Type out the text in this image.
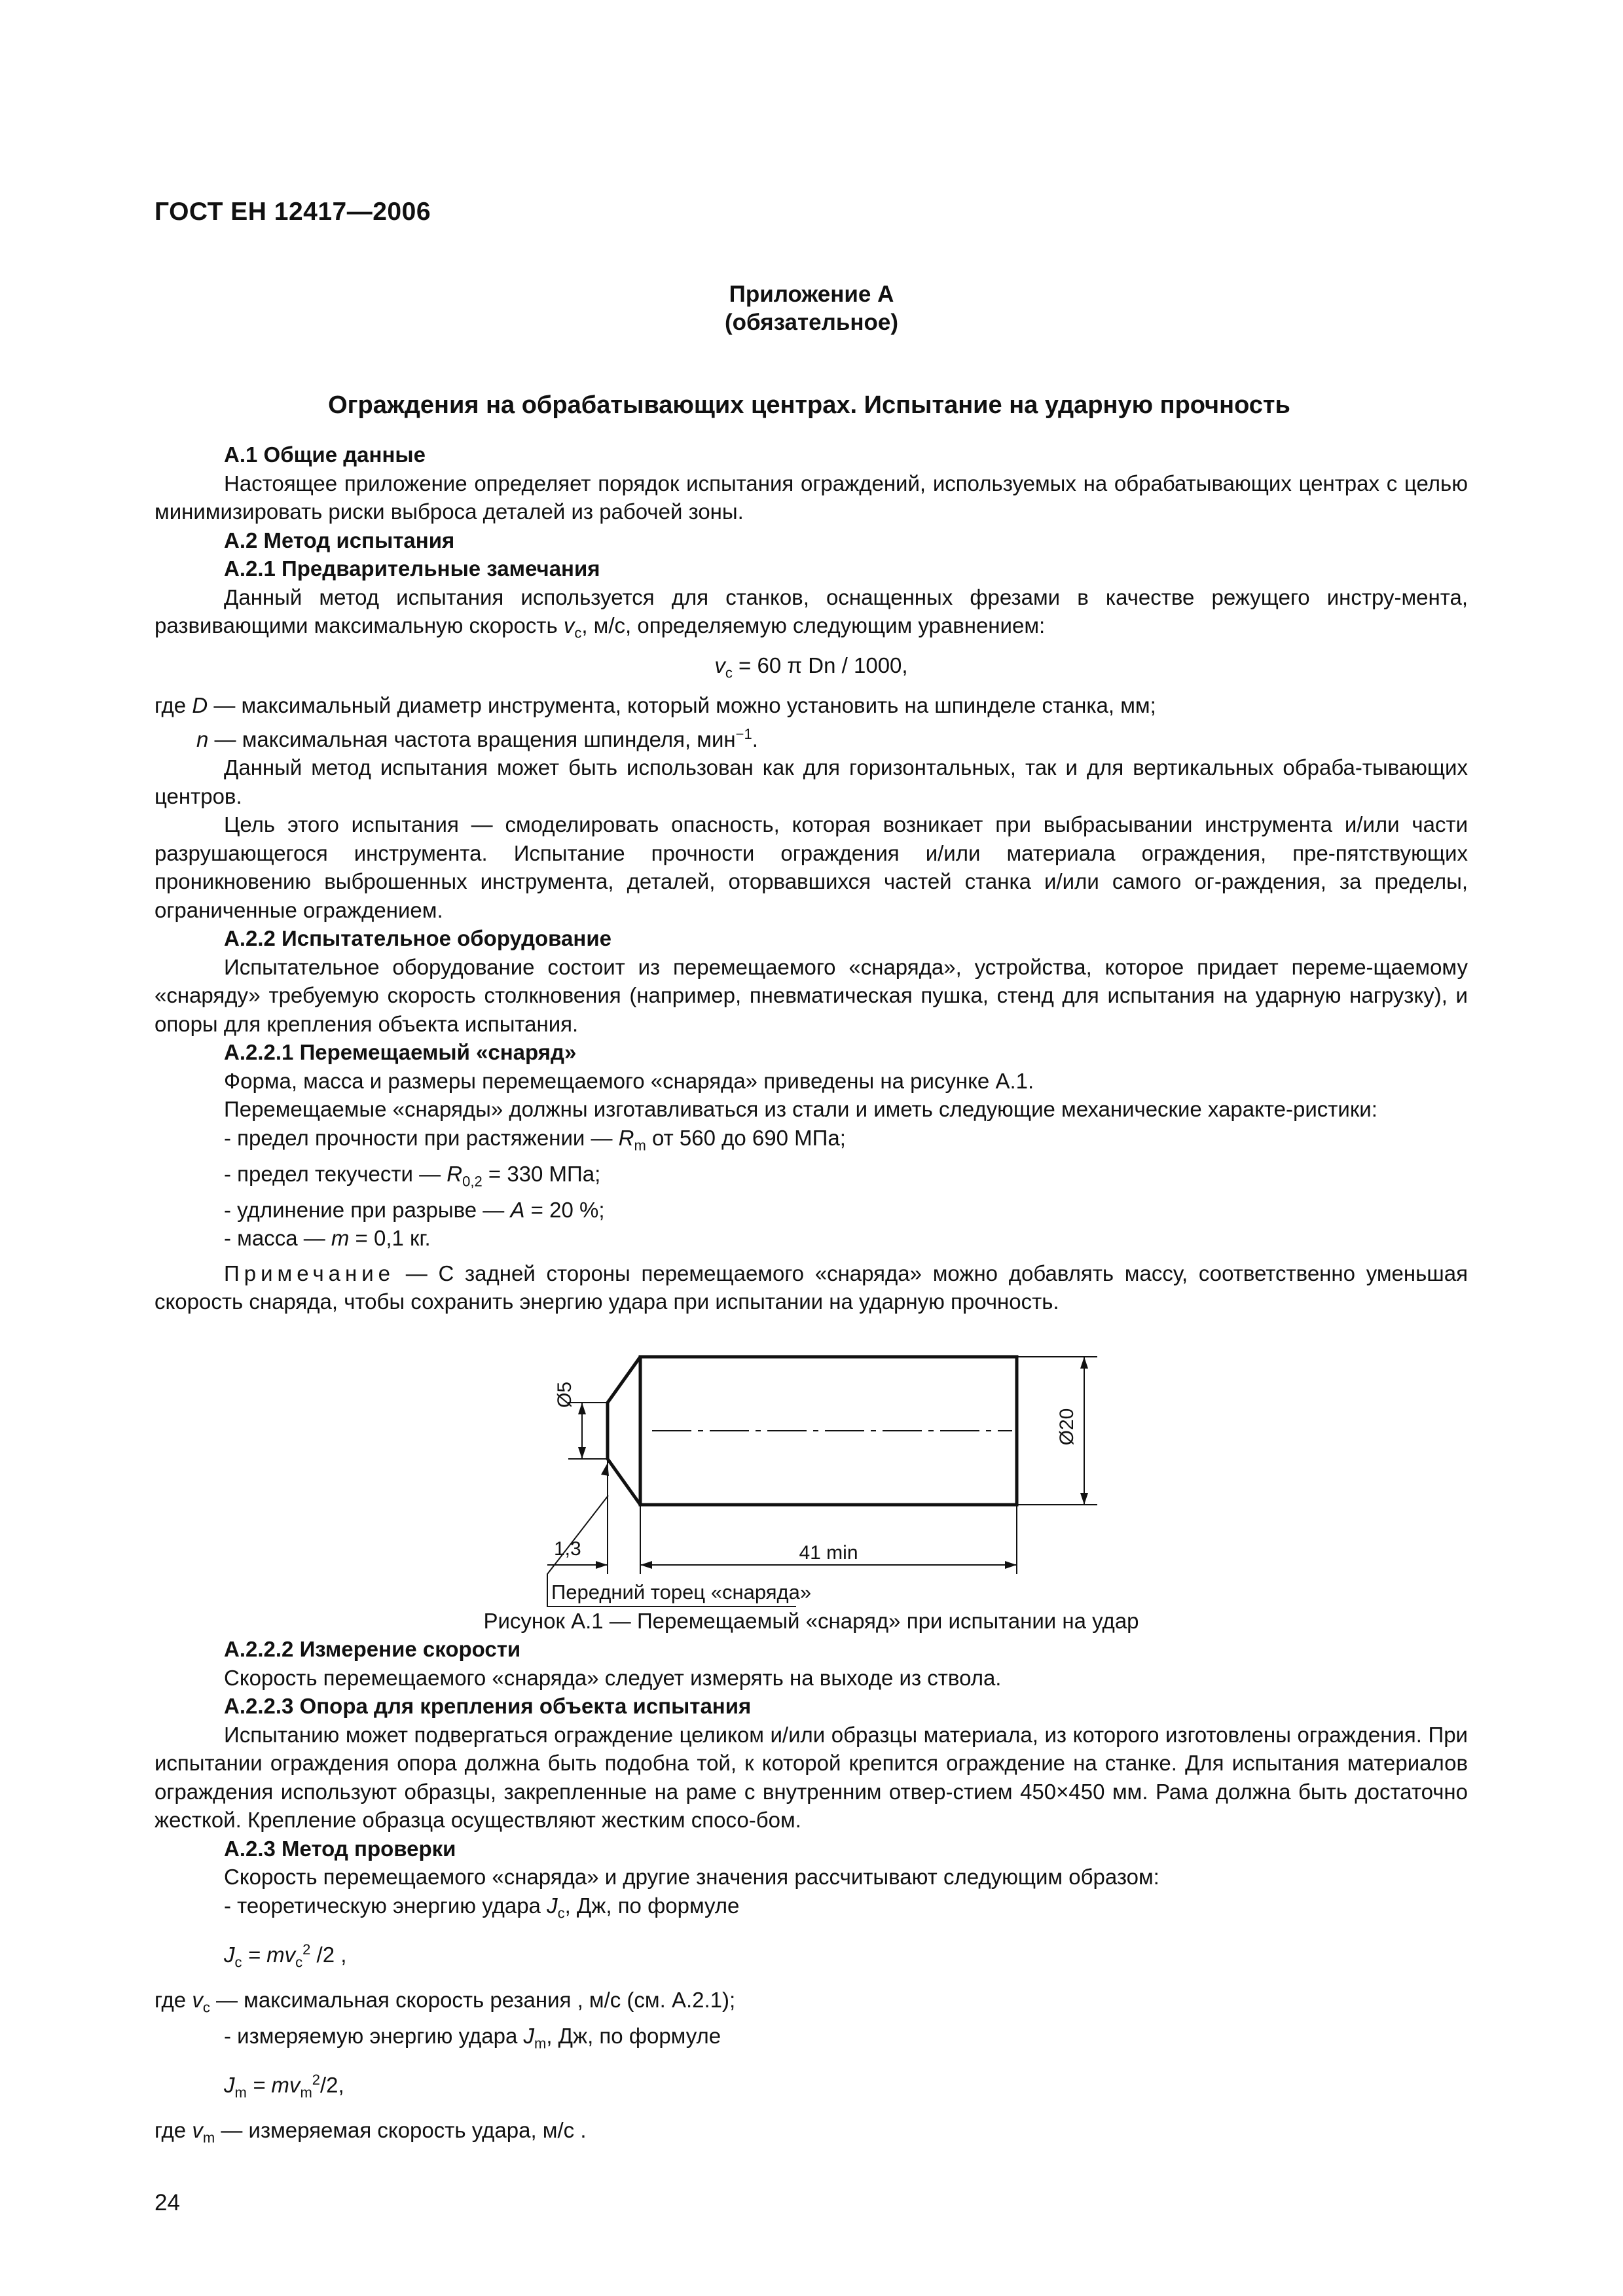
ГОСТ ЕН 12417—2006
Приложение А
(обязательное)
Ограждения на обрабатывающих центрах. Испытание на ударную прочность

А.1 Общие данные

Настоящее приложение определяет порядок испытания ограждений, используемых на обрабатывающих центрах с целью минимизировать риски выброса деталей из рабочей зоны.

А.2 Метод испытания

А.2.1 Предварительные замечания

Данный метод испытания используется для станков, оснащенных фрезами в качестве режущего инстру-мента, развивающими максимальную скорость $v_c$, м/с, определяемую следующим уравнением:

$v_c = 60$ π Dn / 1000,

где D — максимальный диаметр инструмента, который можно установить на шпинделе станка, мм;

n — максимальная частота вращения шпинделя, мин$^{-1}$.

Данный метод испытания может быть использован как для горизонтальных, так и для вертикальных обраба-тывающих центров.

Цель этого испытания — смоделировать опасность, которая возникает при выбрасывании инструмента и/или части разрушающегося инструмента. Испытание прочности ограждения и/или материала ограждения, пре-пятствующих проникновению выброшенных инструмента, деталей, оторвавшихся частей станка и/или самого ог-раждения, за пределы, ограниченные ограждением.

А.2.2 Испытательное оборудование

Испытательное оборудование состоит из перемещаемого «снаряда», устройства, которое придает переме-щаемому «снаряду» требуемую скорость столкновения (например, пневматическая пушка, стенд для испытания на ударную нагрузку), и опоры для крепления объекта испытания.

А.2.2.1 Перемещаемый «снаряд»

Форма, масса и размеры перемещаемого «снаряда» приведены на рисунке А.1.

Перемещаемые «снаряды» должны изготавливаться из стали и иметь следующие механические характе-ристики:

- предел прочности при растяжении — $R_m$ от 560 до 690 МПа;

- предел текучести — $R_{0,2} = 330$ МПа;

- удлинение при разрыве — A = 20 %;

- масса — m = 0,1 кг.

Примечание — С задней стороны перемещаемого «снаряда» можно добавлять массу, соответственно уменьшая скорость снаряда, чтобы сохранить энергию удара при испытании на ударную прочность.

Ø5
Ø20
1,3	41 min
Передний торец «снаряда»

Рисунок А.1 — Перемещаемый «снаряд» при испытании на удар

А.2.2.2 Измерение скорости

Скорость перемещаемого «снаряда» следует измерять на выходе из ствола.

А.2.2.3 Опора для крепления объекта испытания

Испытанию может подвергаться ограждение целиком и/или образцы материала, из которого изготовлены ограждения. При испытании ограждения опора должна быть подобна той, к которой крепится ограждение на станке. Для испытания материалов ограждения используют образцы, закрепленные на раме с внутренним отвер-стием 450×450 мм. Рама должна быть достаточно жесткой. Крепление образца осуществляют жестким спосо-бом.

А.2.3 Метод проверки

Скорость перемещаемого «снаряда» и другие значения рассчитывают следующим образом:

- теоретическую энергию удара $J_c$, Дж, по формуле

$J_c = mv_c^2$ /2 ,

где $v_c$ — максимальная скорость резания , м/с (см. А.2.1);

- измеряемую энергию удара $J_m$, Дж, по формуле

$J_m = mv_m^2/2$,

где $v_m$ — измеряемая скорость удара, м/с .

24
